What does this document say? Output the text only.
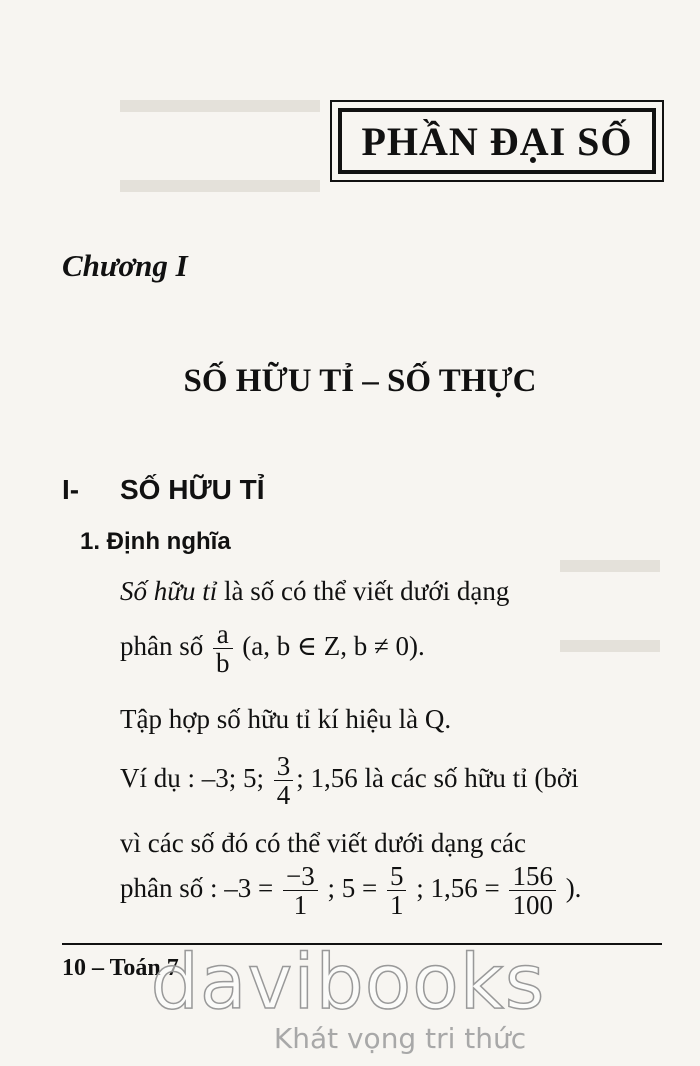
PHẦN ĐẠI SỐ
Chương I
SỐ HỮU TỈ – SỐ THỰC
I- SỐ HỮU TỈ
1. Định nghĩa
Số hữu tỉ là số có thể viết dưới dạng
phân số $\frac{a}{b} (a$, b ∈ Z, b ≠ 0).
Tập hợp số hữu tỉ kí hiệu là Q.
Ví dụ : –3; 5; $\frac{3}{4}$ ; 1,56 là các số hữu tỉ (bởi
vì các số đó có thể viết dưới dạng các
phân số : $-3 = \frac{-3}{1}$ ; $5 = \frac{5}{1}$ ; $1,56 = \frac{156}{100}$ ).
10 – Toán 7
davibooks
Khát vọng tri thức
